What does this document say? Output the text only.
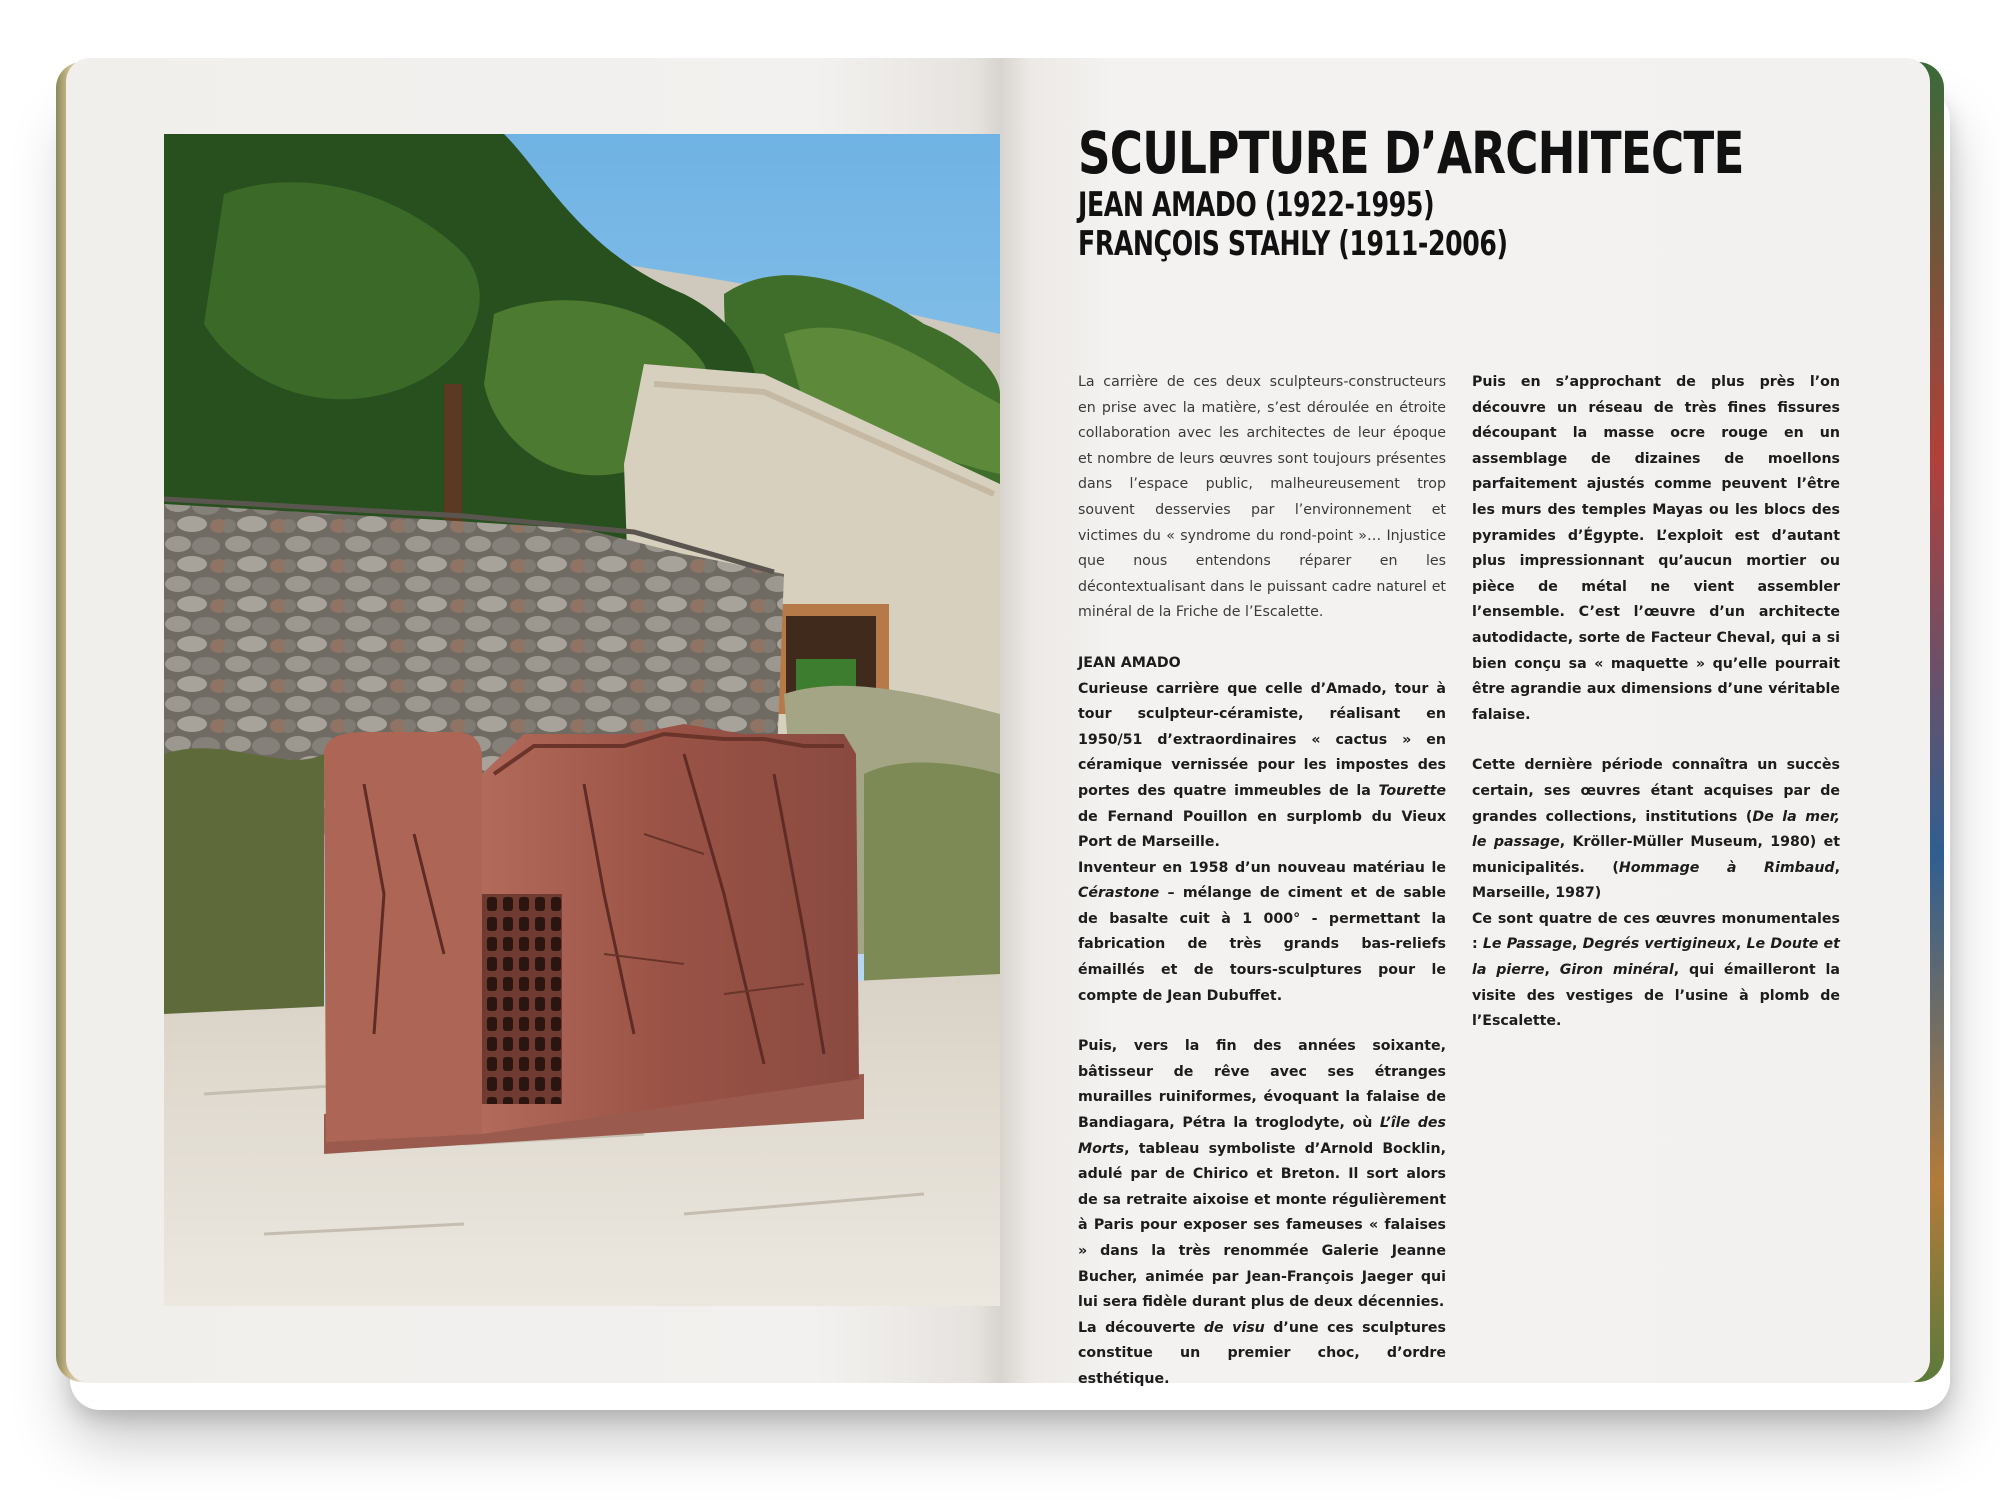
SCULPTURE D’ARCHITECTE
JEAN AMADO (1922-1995)
FRANÇOIS STAHLY (1911-2006)

La carrière de ces deux sculpteurs-constructeurs en prise avec la matière, s’est déroulée en étroite collaboration avec les architectes de leur époque et nombre de leurs œuvres sont toujours présentes dans l’espace public, malheureusement trop souvent desservies par l’environnement et victimes du « syndrome du rond-point »… Injustice que nous entendons réparer en les décontextualisant dans le puissant cadre naturel et minéral de la Friche de l’Escalette.

JEAN AMADO

Curieuse carrière que celle d’Amado, tour à tour sculpteur-céramiste, réalisant en 1950/51 d’extraordinaires « cactus » en céramique vernissée pour les impostes des portes des quatre immeubles de la Tourette de Fernand Pouillon en surplomb du Vieux Port de Marseille.

Inventeur en 1958 d’un nouveau matériau le Cérastone – mélange de ciment et de sable de basalte cuit à 1 000° - permettant la fabrication de très grands bas-reliefs émaillés et de tours-sculptures pour le compte de Jean Dubuffet.

Puis, vers la fin des années soixante, bâtisseur de rêve avec ses étranges murailles ruiniformes, évoquant la falaise de Bandiagara, Pétra la troglodyte, où L’île des Morts, tableau symboliste d’Arnold Bocklin, adulé par de Chirico et Breton. Il sort alors de sa retraite aixoise et monte régulièrement à Paris pour exposer ses fameuses « falaises » dans la très renommée Galerie Jeanne Bucher, animée par Jean-François Jaeger qui lui sera fidèle durant plus de deux décennies.

La découverte de visu d’une ces sculptures constitue un premier choc, d’ordre esthétique.

Puis en s’approchant de plus près l’on découvre un réseau de très fines fissures découpant la masse ocre rouge en un assemblage de dizaines de moellons parfaitement ajustés comme peuvent l’être les murs des temples Mayas ou les blocs des pyramides d’Égypte. L’exploit est d’autant plus impressionnant qu’aucun mortier ou pièce de métal ne vient assembler l’ensemble. C’est l’œuvre d’un architecte autodidacte, sorte de Facteur Cheval, qui a si bien conçu sa « maquette » qu’elle pourrait être agrandie aux dimensions d’une véritable falaise.

Cette dernière période connaîtra un succès certain, ses œuvres étant acquises par de grandes collections, institutions (De la mer, le passage, Kröller-Müller Museum, 1980) et municipalités. (Hommage à Rimbaud, Marseille, 1987)

Ce sont quatre de ces œuvres monumentales : Le Passage, Degrés vertigineux, Le Doute et la pierre, Giron minéral, qui émailleront la visite des vestiges de l’usine à plomb de l’Escalette.
